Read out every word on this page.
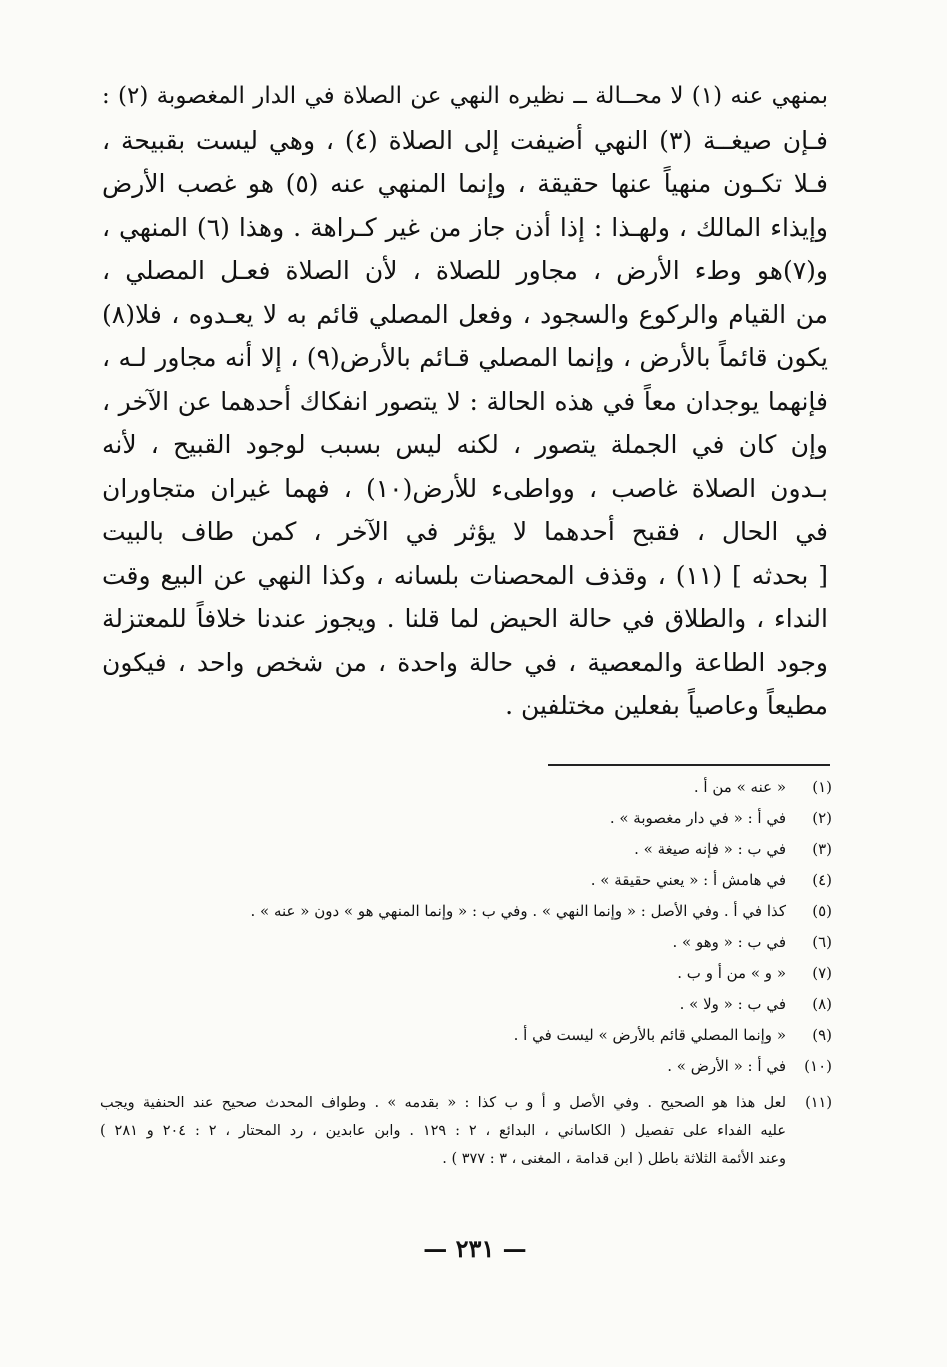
بمنهي عنه (١) لا محــالة ــ نظيره النهي عن الصلاة في الدار المغصوبة (٢) :
فـإن صيغــة (٣) النهي أضيفت إلى الصلاة (٤) ، وهي ليست بقبيحة ،
فـلا تكـون منهياً عنها حقيقة ، وإنما المنهي عنه (٥) هو غصب الأرض
وإيذاء المالك ، ولهـذا : إذا أذن جاز من غير كـراهة . وهذا (٦) المنهي ،
و(٧)هو وطء الأرض ، مجاور للصلاة ، لأن الصلاة فعـل المصلي ،
من القيام والركوع والسجود ، وفعل المصلي قائم به لا يعـدوه ، فلا(٨)
يكون قائماً بالأرض ، وإنما المصلي قـائم بالأرض(٩) ، إلا أنه مجاور لـه ،
فإنهما يوجدان معاً في هذه الحالة : لا يتصور انفكاك أحدهما عن الآخر ،
وإن كان في الجملة يتصور ، لكنه ليس بسبب لوجود القبيح ، لأنه
بـدون الصلاة غاصب ، وواطىء للأرض(١٠) ، فهما غيران متجاوران
في الحال ، فقبح أحدهما لا يؤثر في الآخر ، كمن طاف بالبيت
[ بحدثه ] (١١) ، وقذف المحصنات بلسانه ، وكذا النهي عن البيع وقت
النداء ، والطلاق في حالة الحيض لما قلنا . ويجوز عندنا خلافاً للمعتزلة
وجود الطاعة والمعصية ، في حالة واحدة ، من شخص واحد ، فيكون
مطيعاً وعاصياً بفعلين مختلفين .
(١)
« عنه » من أ .
(٢)
في أ : « في دار مغصوبة » .
(٣)
في ب : « فإنه صيغة » .
(٤)
في هامش أ : « يعني حقيقة » .
(٥)
كذا في أ . وفي الأصل : « وإنما النهي » . وفي ب : « وإنما المنهي هو » دون « عنه » .
(٦)
في ب : « وهو » .
(٧)
« و » من أ و ب .
(٨)
في ب : « ولا » .
(٩)
« وإنما المصلي قائم بالأرض » ليست في أ .
(١٠)
في أ : « الأرض » .
(١١)
لعل هذا هو الصحيح . وفي الأصل و أ و ب كذا : « بقدمه » . وطواف المحدث صحيح عند الحنفية ويجب
عليه الفداء على تفصيل ( الكاساني ، البدائع ، ٢ : ١٢٩ . وابن عابدين ، رد المحتار ، ٢ : ٢٠٤ و ٢٨١ )
وعند الأئمة الثلاثة باطل ( ابن قدامة ، المغنى ، ٣ : ٣٧٧ ) .
— ٢٣١ —
